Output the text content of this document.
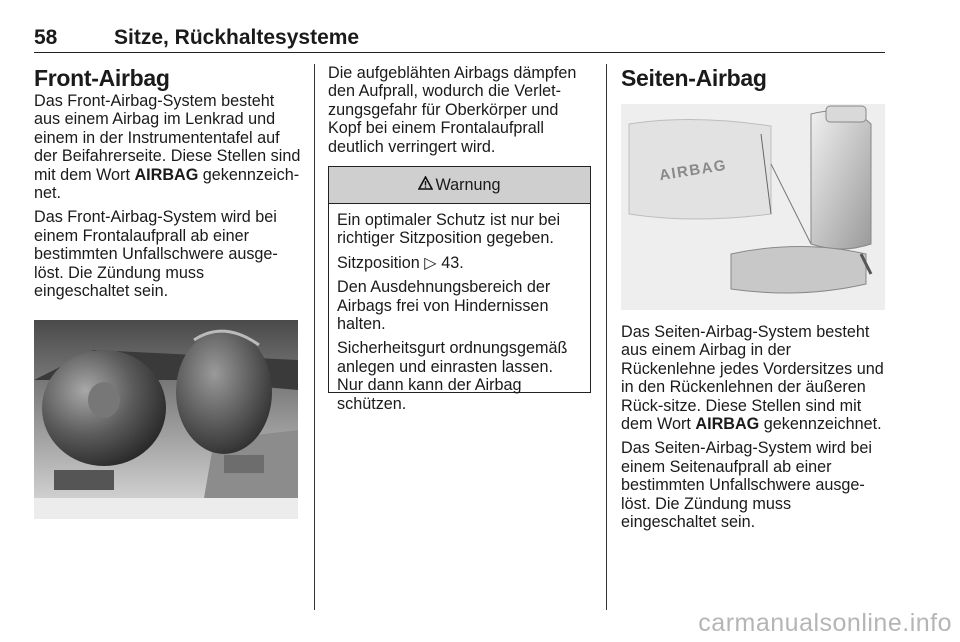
58	Sitze, Rückhaltesysteme
Front-Airbag

Das Front-Airbag-System besteht aus einem Airbag im Lenkrad und einem in der Instrumententafel auf der Beifahrerseite. Diese Stellen sind mit dem Wort AIRBAG gekennzeich-net.

Das Front-Airbag-System wird bei einem Frontalaufprall ab einer bestimmten Unfallschwere ausge-löst. Die Zündung muss eingeschaltet sein.

Die aufgeblähten Airbags dämpfen den Aufprall, wodurch die Verlet-zungsgefahr für Oberkörper und Kopf bei einem Frontalaufprall deutlich verringert wird.

Warnung

Ein optimaler Schutz ist nur bei richtiger Sitzposition gegeben.

Sitzposition ▷ 43.

Den Ausdehnungsbereich der Airbags frei von Hindernissen halten.

Sicherheitsgurt ordnungsgemäß anlegen und einrasten lassen. Nur dann kann der Airbag schützen.

Seiten-Airbag
AIRBAG

Das Seiten-Airbag-System besteht aus einem Airbag in der Rückenlehne jedes Vordersitzes und in den Rückenlehnen der äußeren Rück-sitze. Diese Stellen sind mit dem Wort AIRBAG gekennzeichnet.

Das Seiten-Airbag-System wird bei einem Seitenaufprall ab einer bestimmten Unfallschwere ausge-löst. Die Zündung muss eingeschaltet sein.

carmanualsonline.info
